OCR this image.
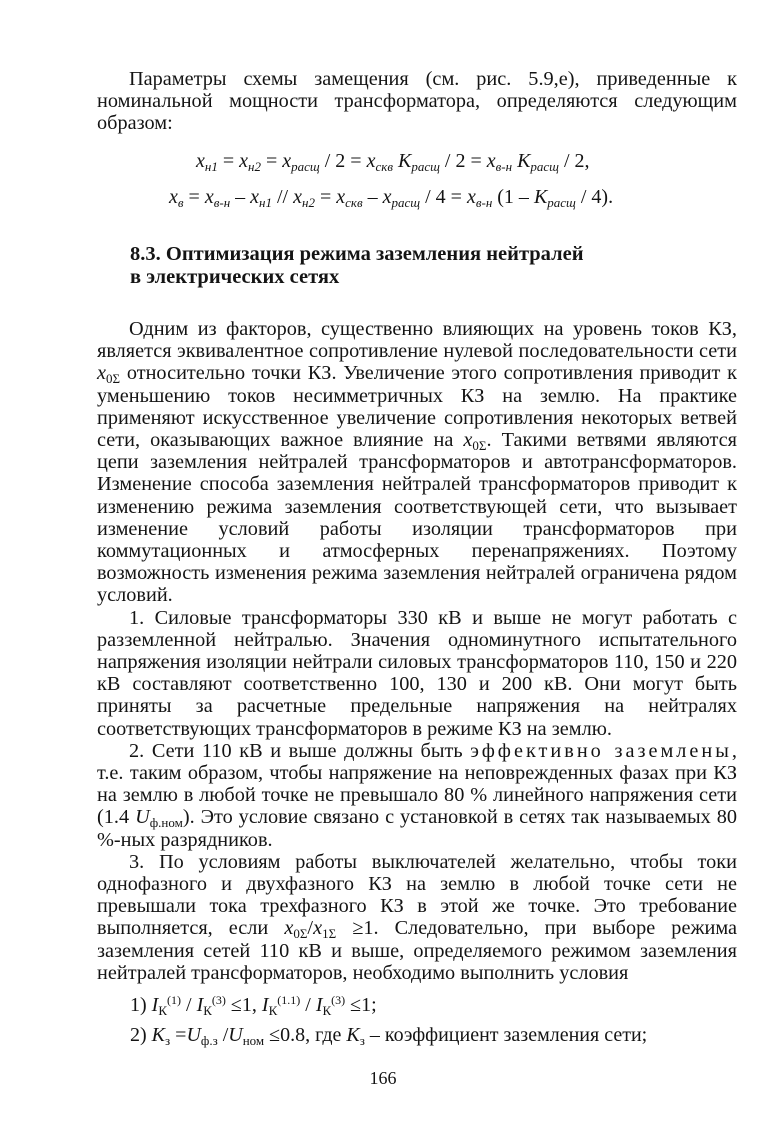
Параметры схемы замещения (см. рис. 5.9,е), приведенные к номинальной мощности трансформатора, определяются следующим образом:

$x_{н1} = x_{н2} = x_{расщ} / 2 = x_{скв}$ $K_{расщ} / 2 = x_{в-н}$ $K_{расщ} / 2$,
$x_в = x_{в-н} - x_{н1} // x_{н2} = x_{скв} - x_{расщ} / 4 = x_{в-н}$ $(1 - K_{расщ} / 4)$.
8.3. Оптимизация режима заземления нейтралей
в электрических сетях

Одним из факторов, существенно влияющих на уровень токов КЗ, является эквивалентное сопротивление нулевой последовательности сети $x_{0\Sigma}$ относительно точки КЗ. Увеличение этого сопротивления приводит к уменьшению токов несимметричных КЗ на землю. На практике применяют искусственное увеличение сопротивления некоторых ветвей сети, оказывающих важное влияние на $x_{0\Sigma}$. Такими ветвями являются цепи заземления нейтралей трансформаторов и автотрансформаторов. Изменение способа заземления нейтралей трансформаторов приводит к изменению режима заземления соответствующей сети, что вызывает изменение условий работы изоляции трансформаторов при коммутационных и атмосферных перенапряжениях. Поэтому возможность изменения режима заземления нейтралей ограничена рядом условий.

1. Силовые трансформаторы 330 кВ и выше не могут работать с разземленной нейтралью. Значения одноминутного испытательного напряжения изоляции нейтрали силовых трансформаторов 110, 150 и 220 кВ составляют соответственно 100, 130 и 200 кВ. Они могут быть приняты за расчетные предельные напряжения на нейтралях соответствующих трансформаторов в режиме КЗ на землю.

2. Сети 110 кВ и выше должны быть эффективно заземлены, т.е. таким образом, чтобы напряжение на неповрежденных фазах при КЗ на землю в любой точке не превышало 80 % линейного напряжения сети (1.4 $U_{ф.ном}$). Это условие связано с установкой в сетях так называемых 80 %-ных разрядников.

3. По условиям работы выключателей желательно, чтобы токи однофазного и двухфазного КЗ на землю в любой точке сети не превышали тока трехфазного КЗ в этой же точке. Это требование выполняется, если $x_{0\Sigma}/x_{1\Sigma} \ge 1$. Следовательно, при выборе режима заземления сетей 110 кВ и выше, определяемого режимом заземления нейтралей трансформаторов, необходимо выполнить условия

1) $I_К^{(1)} / I_К^{(3)} \le 1$, $I_К^{(1.1)} / I_К^{(3)} \le 1$;
2) $K_з =U_{ф.з}$ $/U_{ном} \le 0.8$, где $K_з$ – коэффициент заземления сети;
166
